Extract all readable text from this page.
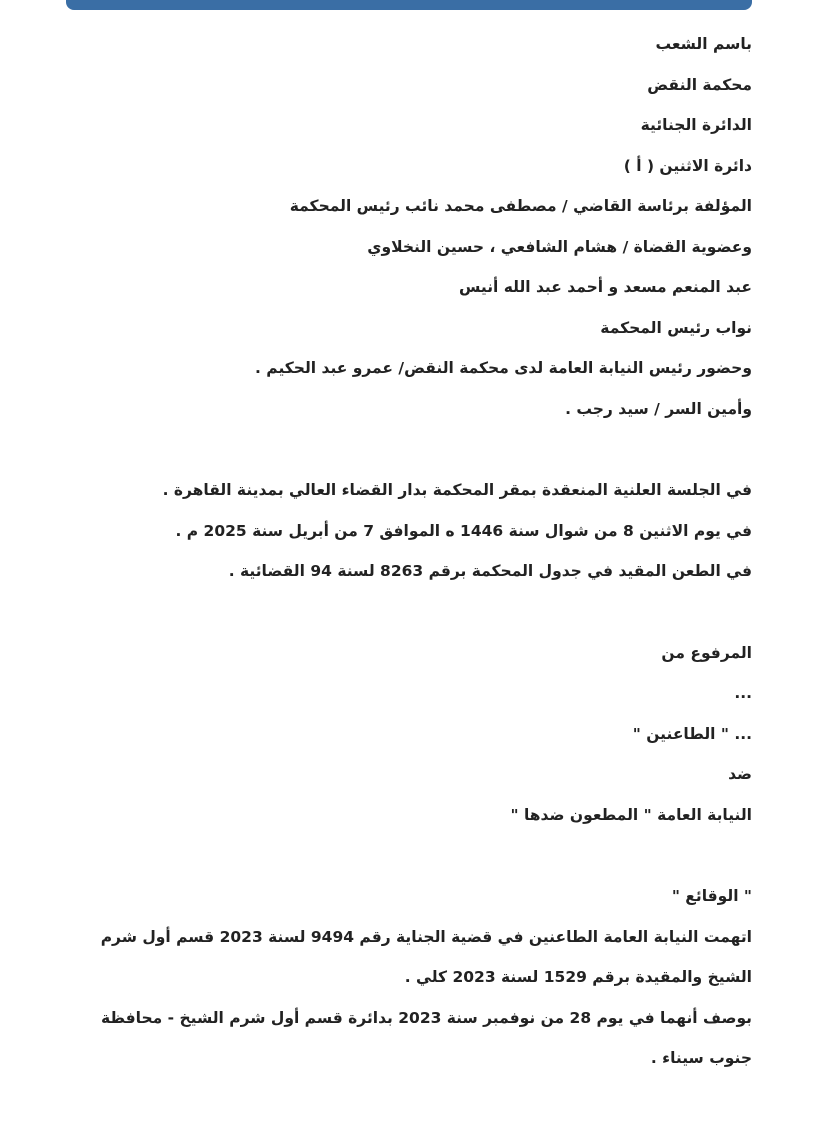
باسم الشعب
محكمة النقض
الدائرة الجنائية
دائرة الاثنين ( أ )
المؤلفة برئاسة القاضي / مصطفى محمد نائب رئيس المحكمة
وعضوية القضاة / هشام الشافعي ، حسين النخلاوي
عبد المنعم مسعد و أحمد عبد الله أنيس
نواب رئيس المحكمة
وحضور رئيس النيابة العامة لدى محكمة النقض/ عمرو عبد الحكيم .
وأمين السر / سيد رجب .
في الجلسة العلنية المنعقدة بمقر المحكمة بدار القضاء العالي بمدينة القاهرة .
في يوم الاثنين 8 من شوال سنة 1446 ه الموافق 7 من أبريل سنة 2025 م .
في الطعن المقيد في جدول المحكمة برقم 8263 لسنة 94 القضائية .
المرفوع من
...
... " الطاعنين "
ضد
النيابة العامة " المطعون ضدها "
" الوقائع "
اتهمت النيابة العامة الطاعنين في قضية الجناية رقم 9494 لسنة 2023 قسم أول شرم الشيخ والمقيدة برقم 1529 لسنة 2023 كلي .
بوصف أنهما في يوم 28 من نوفمبر سنة 2023 بدائرة قسم أول شرم الشيخ - محافظة جنوب سيناء .
